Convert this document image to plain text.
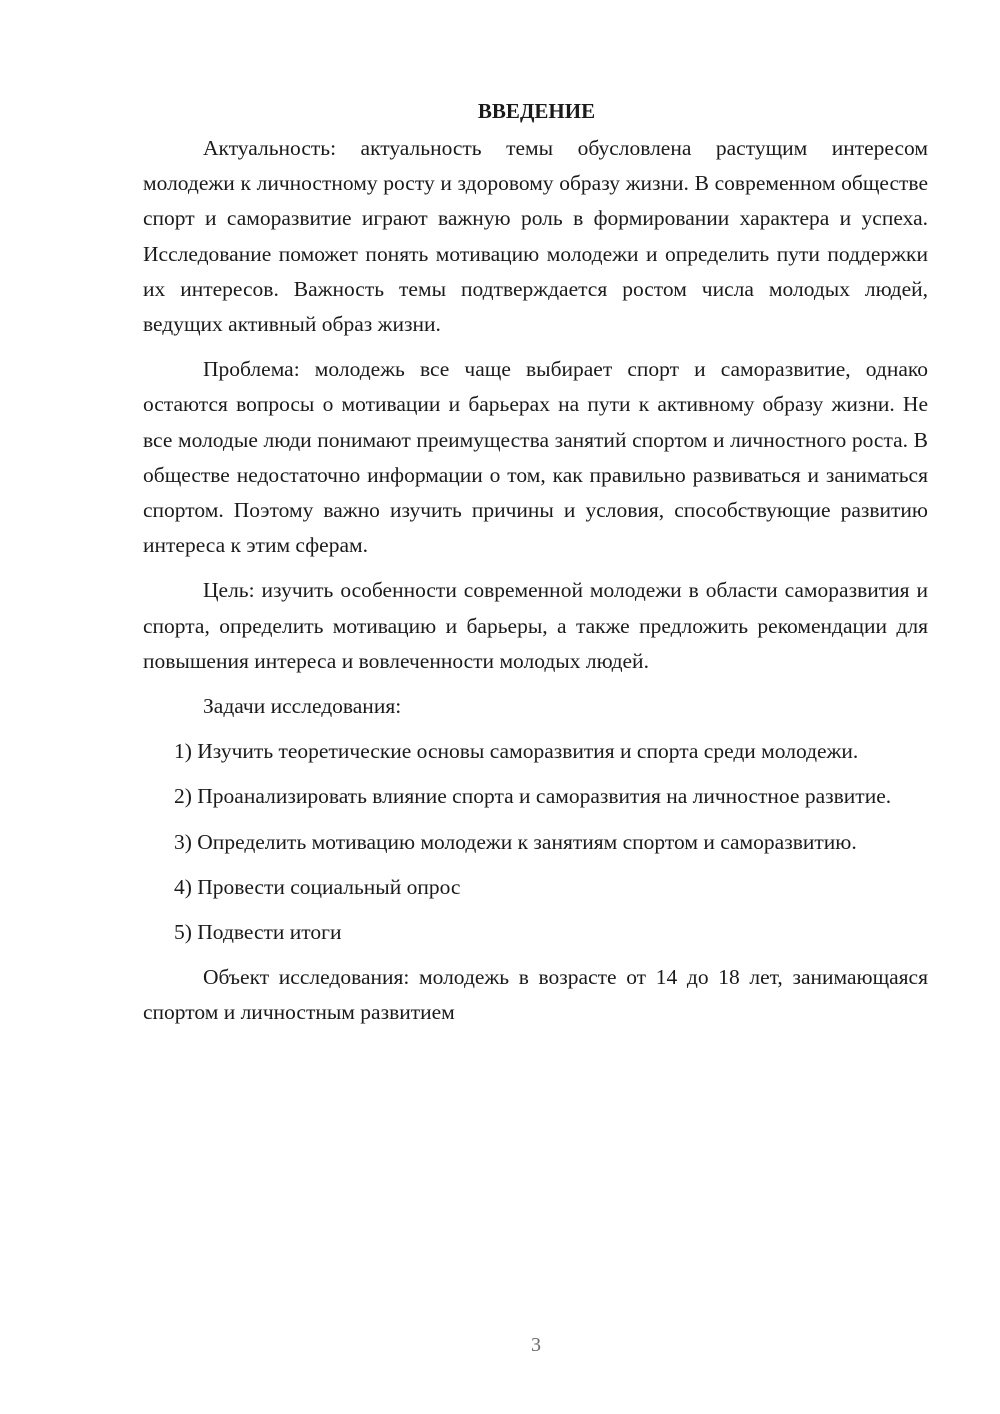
ВВЕДЕНИЕ

Актуальность: актуальность темы обусловлена растущим интересом молодежи к личностному росту и здоровому образу жизни. В современном обществе спорт и саморазвитие играют важную роль в формировании характера и успеха. Исследование поможет понять мотивацию молодежи и определить пути поддержки их интересов. Важность темы подтверждается ростом числа молодых людей, ведущих активный образ жизни.

Проблема: молодежь все чаще выбирает спорт и саморазвитие, однако остаются вопросы о мотивации и барьерах на пути к активному образу жизни. Не все молодые люди понимают преимущества занятий спортом и личностного роста. В обществе недостаточно информации о том, как правильно развиваться и заниматься спортом. Поэтому важно изучить причины и условия, способствующие развитию интереса к этим сферам.

Цель: изучить особенности современной молодежи в области саморазвития и спорта, определить мотивацию и барьеры, а также предложить рекомендации для повышения интереса и вовлеченности молодых людей.

Задачи исследования:

1) Изучить теоретические основы саморазвития и спорта среди молодежи.

2) Проанализировать влияние спорта и саморазвития на личностное развитие.

3) Определить мотивацию молодежи к занятиям спортом и саморазвитию.

4) Провести социальный опрос

5) Подвести итоги

Объект исследования: молодежь в возрасте от 14 до 18 лет, занимающаяся спортом и личностным развитием

3
